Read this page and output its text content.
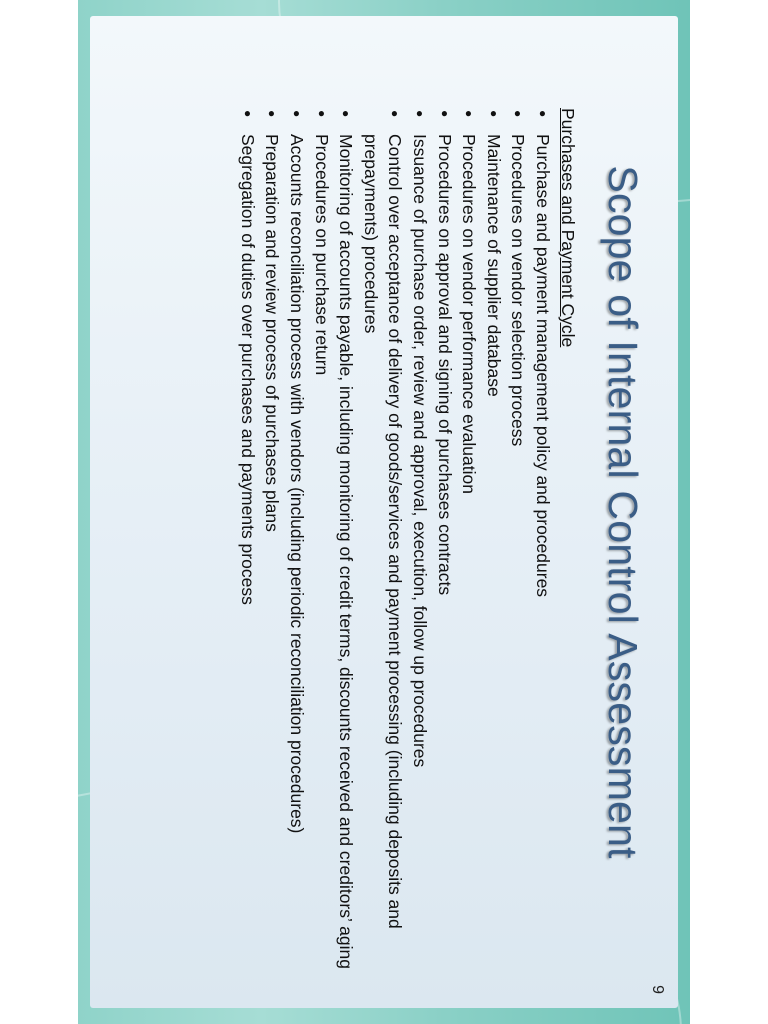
9
Scope of Internal Control Assessment
Purchases and Payment Cycle
●
Purchase and payment management policy and procedures
●
Procedures on vendor selection process
●
Maintenance of supplier database
●
Procedures on vendor performance evaluation
●
Procedures on approval and signing of purchases contracts
●
Issuance of purchase order, review and approval, execution, follow up procedures
●
Control over acceptance of delivery of goods/services and payment processing (including deposits and prepayments) procedures
●
Monitoring of accounts payable, including monitoring of credit terms, discounts received and creditors’ aging
●
Procedures on purchase return
●
Accounts reconciliation process with vendors (including periodic reconciliation procedures)
●
Preparation and review process of purchases plans
●
Segregation of duties over purchases and payments process
